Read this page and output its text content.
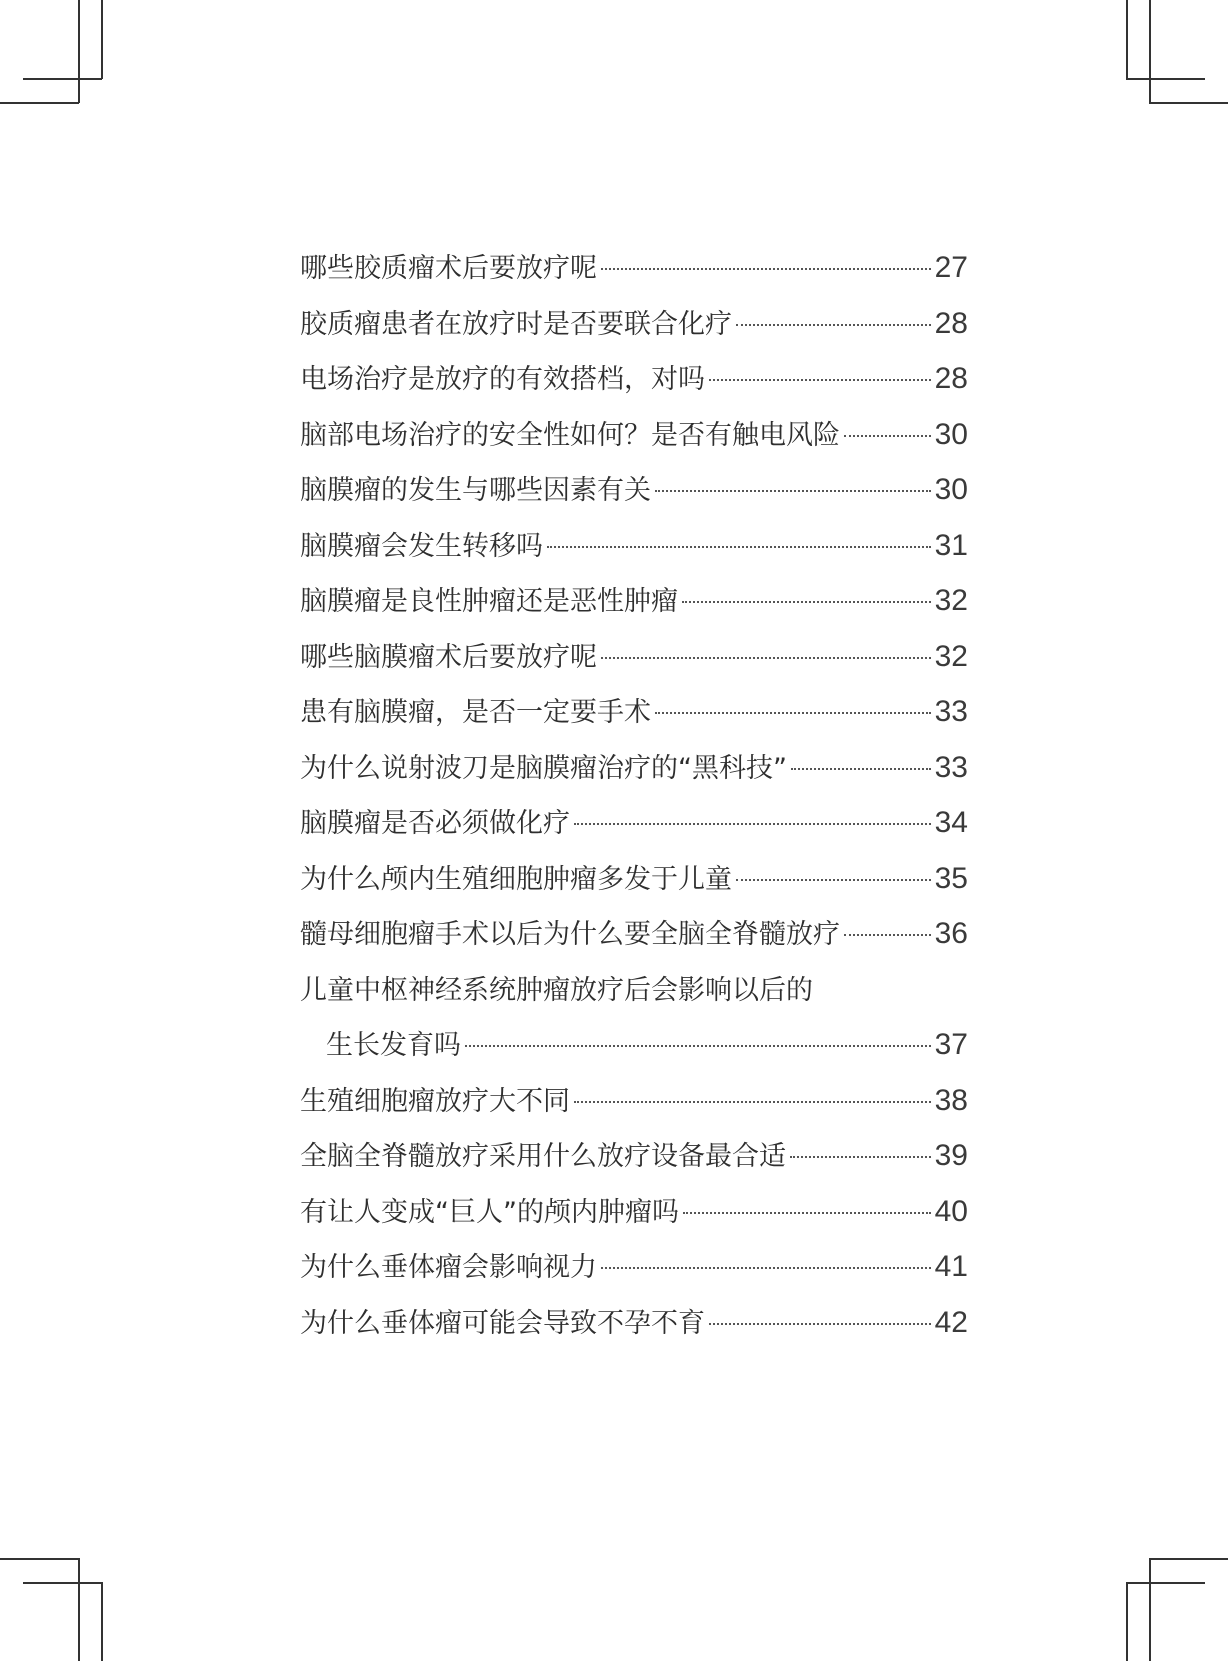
哪些胶质瘤术后要放疗呢	27
胶质瘤患者在放疗时是否要联合化疗	28
电场治疗是放疗的有效搭档，对吗	28
脑部电场治疗的安全性如何？是否有触电风险	30
脑膜瘤的发生与哪些因素有关	30
脑膜瘤会发生转移吗	31
脑膜瘤是良性肿瘤还是恶性肿瘤	32
哪些脑膜瘤术后要放疗呢	32
患有脑膜瘤，是否一定要手术	33
为什么说射波刀是脑膜瘤治疗的“黑科技”	33
脑膜瘤是否必须做化疗	34
为什么颅内生殖细胞肿瘤多发于儿童	35
髓母细胞瘤手术以后为什么要全脑全脊髓放疗	36
儿童中枢神经系统肿瘤放疗后会影响以后的
生长发育吗	37
生殖细胞瘤放疗大不同	38
全脑全脊髓放疗采用什么放疗设备最合适	39
有让人变成“巨人”的颅内肿瘤吗	40
为什么垂体瘤会影响视力	41
为什么垂体瘤可能会导致不孕不育	42
